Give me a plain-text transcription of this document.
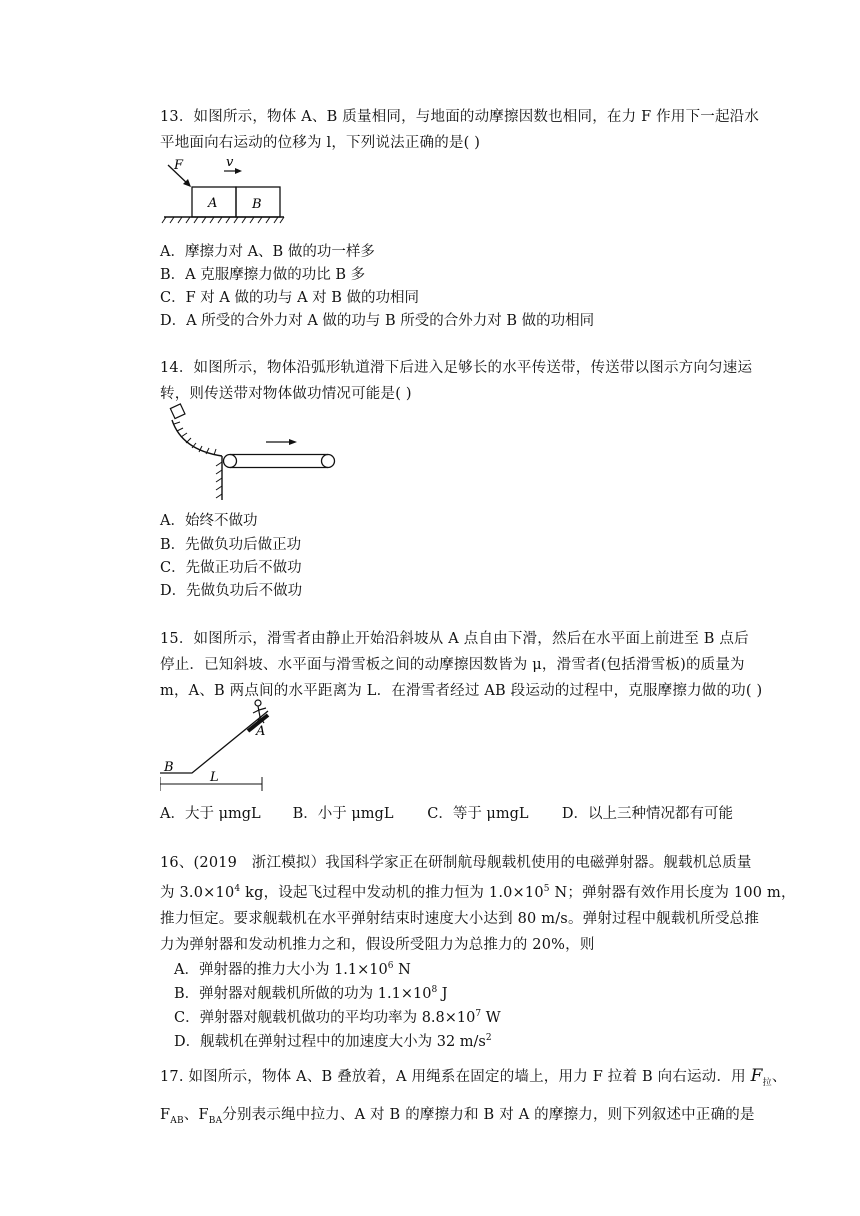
13．如图所示，物体 A、B 质量相同，与地面的动摩擦因数也相同，在力 F 作用下一起沿水
平地面向右运动的位移为 l，下列说法正确的是( )
F	v
A	B
A．摩擦力对 A、B 做的功一样多
B．A 克服摩擦力做的功比 B 多
C．F 对 A 做的功与 A 对 B 做的功相同
D．A 所受的合外力对 A 做的功与 B 所受的合外力对 B 做的功相同
14．如图所示，物体沿弧形轨道滑下后进入足够长的水平传送带，传送带以图示方向匀速运
转，则传送带对物体做功情况可能是( )
A．始终不做功
B．先做负功后做正功
C．先做正功后不做功
D．先做负功后不做功
15．如图所示，滑雪者由静止开始沿斜坡从 A 点自由下滑，然后在水平面上前进至 B 点后
停止．已知斜坡、水平面与滑雪板之间的动摩擦因数皆为 μ，滑雪者(包括滑雪板)的质量为
m，A、B 两点间的水平距离为 L．在滑雪者经过 AB 段运动的过程中，克服摩擦力做的功( )
A
B
L
A．大于 μmgL B．小于 μmgL C．等于 μmgL D．以上三种情况都有可能
16、(2019　浙江模拟）我国科学家正在研制航母舰载机使用的电磁弹射器。舰载机总质量
为 $3.0\times 10^4$ kg，设起飞过程中发动机的推力恒为 $1.0\times 10^5$ N；弹射器有效作用长度为 100 m，
推力恒定。要求舰载机在水平弹射结束时速度大小达到 80 m/s。弹射过程中舰载机所受总推
力为弹射器和发动机推力之和，假设所受阻力为总推力的 20%，则
A．弹射器的推力大小为 $1.1\times 10^6$ N
B．弹射器对舰载机所做的功为 $1.1\times 10^8$ J
C．弹射器对舰载机做功的平均功率为 $8.8\times 10^7$ W
D．舰载机在弹射过程中的加速度大小为 32 $m/s^2$
17. 如图所示，物体 A、B 叠放着，A 用绳系在固定的墙上，用力 F 拉着 B 向右运动．用 $F_拉$、
$F_{AB}$、$F_{BA}$分别表示绳中拉力、A 对 B 的摩擦力和 B 对 A 的摩擦力，则下列叙述中正确的是
